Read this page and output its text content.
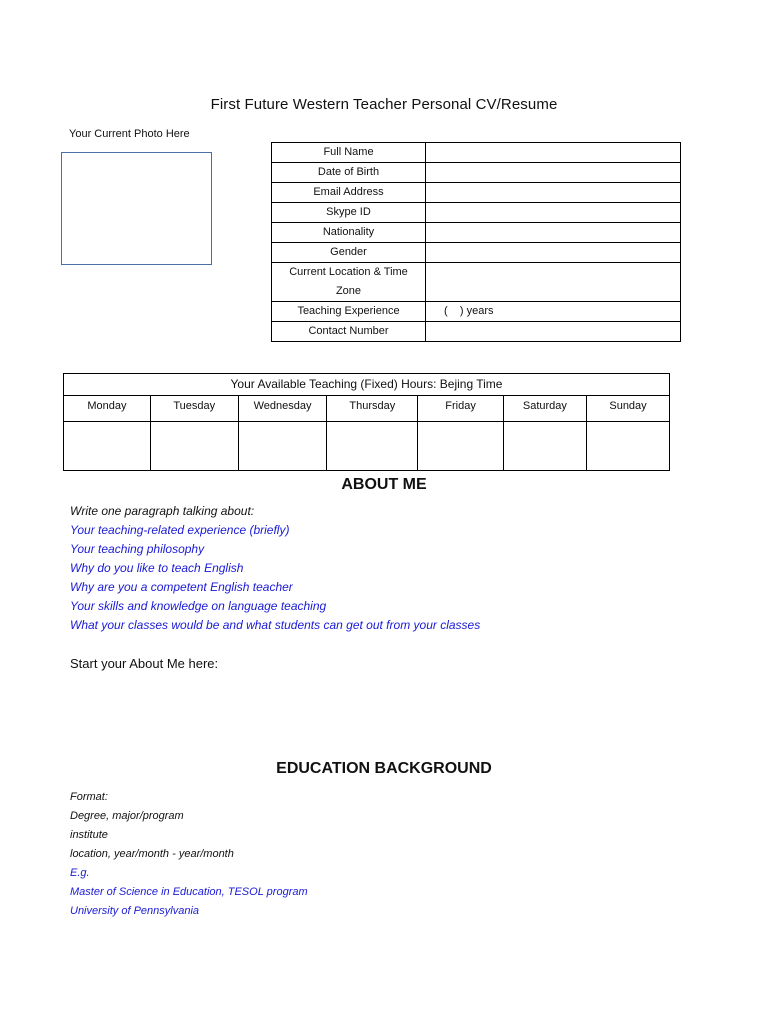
First Future Western Teacher Personal CV/Resume
Your Current Photo Here
Full Name	
Date of Birth	
Email Address	
Skype ID	
Nationality	
Gender	
Current Location & Time Zone	
Teaching Experience	(    ) years
Contact Number	
Your Available Teaching (Fixed) Hours: Bejing Time						
Monday	Tuesday	Wednesday	Thursday	Friday	Saturday	Sunday

ABOUT ME
Write one paragraph talking about:
Your teaching-related experience (briefly)
Your teaching philosophy
Why do you like to teach English
Why are you a competent English teacher
Your skills and knowledge on language teaching
What your classes would be and what students can get out from your classes
Start your About Me here:
EDUCATION BACKGROUND
Format:
Degree, major/program
institute
location, year/month - year/month
E.g.
Master of Science in Education, TESOL program
University of Pennsylvania
